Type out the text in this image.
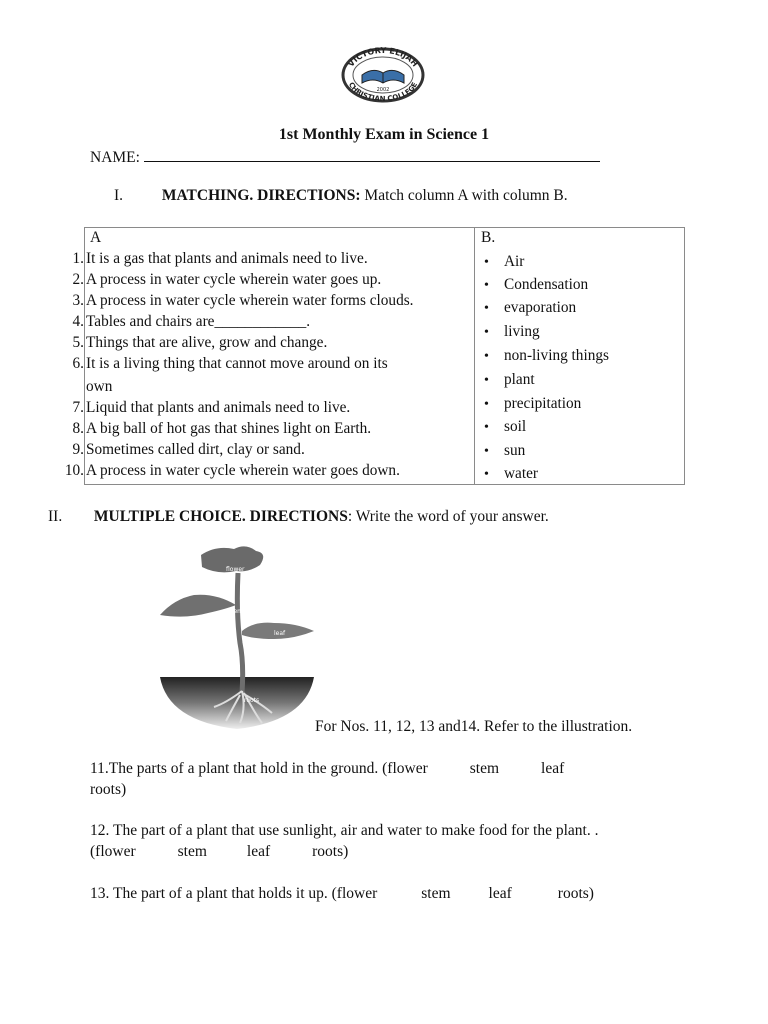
VICTORY ELIJAH
CHRISTIAN COLLEGE
2002
1st Monthly Exam in Science 1
NAME:
I.	MATCHING. DIRECTIONS: Match column A with column B.
A	B.
1. It is a gas that plants and animals need to live.
2. A process in water cycle wherein water goes up.
3. A process in water cycle wherein water forms clouds.
4. Tables and chairs are____________.
5. Things that are alive, grow and change.
6. It is a living thing that cannot move around on its
own
7. Liquid that plants and animals need to live.
8. A big ball of hot gas that shines light on Earth.
9. Sometimes called dirt, clay or sand.
10. A process in water cycle wherein water goes down.
• Air
• Condensation
• evaporation
• living
• non-living things
• plant
• precipitation
• soil
• sun
• water
II. MULTIPLE CHOICE. DIRECTIONS: Write the word of your answer.
flower
stem
leaf
roots
For Nos. 11, 12, 13 and14. Refer to the illustration.
11.The parts of a plant that hold in the ground. (flower	stem	leaf
roots)
12. The part of a plant that use sunlight, air and water to make food for the plant. .
(flower	stem	leaf	roots)
13. The part of a plant that holds it up. (flower	stem leaf	roots)
